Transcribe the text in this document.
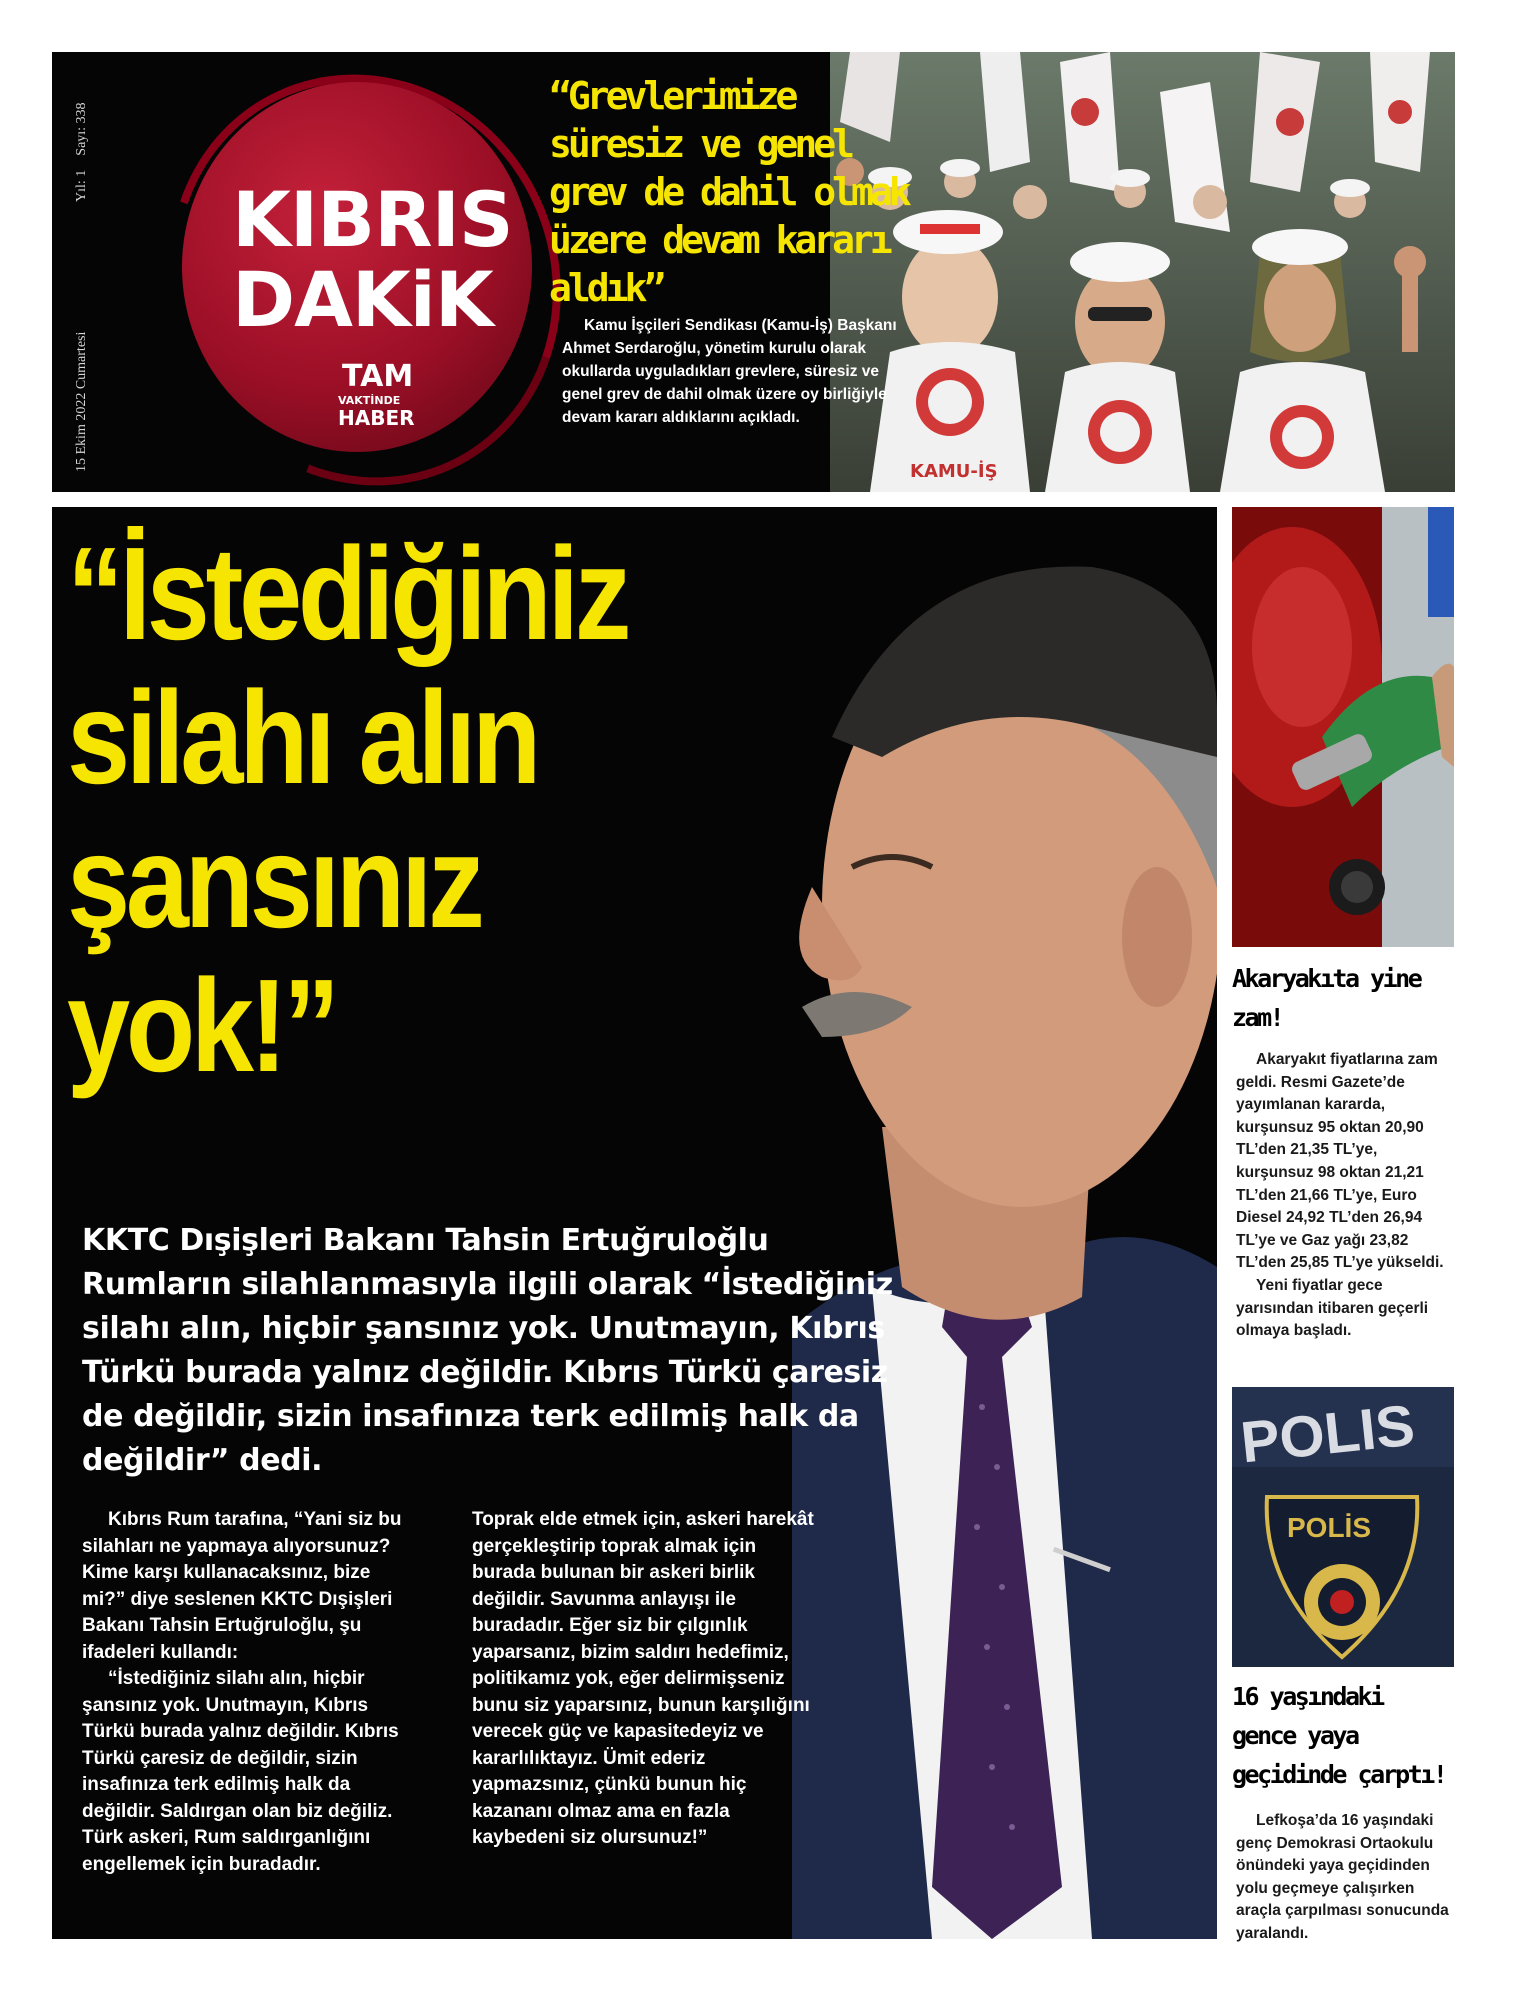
15 Ekim 2022 Cumartesi
Yıl: 1    Sayı: 338
KIBRIS
DAKiK
TAM
VAKTİNDE
HABER
KAMU-İŞ
“Grevlerimize süresiz ve genel grev de dahil olmak üzere devam kararı aldık”
Kamu İşçileri Sendikası (Kamu-İş) Başkanı Ahmet Serdaroğlu, yönetim kurulu olarak okullarda uyguladıkları grevlere, süresiz ve genel grev de dahil olmak üzere oy birliğiyle devam kararı aldıklarını açıkladı.
“İstediğiniz
silahı alın
şansınız
yok!”
KKTC Dışişleri Bakanı Tahsin Ertuğruloğlu Rumların silahlanmasıyla ilgili olarak “İstediğiniz silahı alın, hiçbir şansınız yok. Unutmayın, Kıbrıs Türkü burada yalnız değildir. Kıbrıs Türkü çaresiz de değildir, sizin insafınıza terk edilmiş halk da değildir” dedi.

Kıbrıs Rum tarafına, “Yani siz bu silahları ne yapmaya alıyorsunuz? Kime karşı kullanacaksınız, bize mi?” diye seslenen KKTC Dışişleri Bakanı Tahsin Ertuğruloğlu, şu ifadeleri kullandı:

“İstediğiniz silahı alın, hiçbir şansınız yok. Unutmayın, Kıbrıs Türkü burada yalnız değildir. Kıbrıs Türkü çaresiz de değildir, sizin insafınıza terk edilmiş halk da değildir. Saldırgan olan biz değiliz. Türk askeri, Rum saldırganlığını engellemek için buradadır.

Toprak elde etmek için, askeri harekât gerçekleştirip toprak almak için burada bulunan bir askeri birlik değildir. Savunma anlayışı ile buradadır. Eğer siz bir çılgınlık yaparsanız, bizim saldırı hedefimiz, politikamız yok, eğer delirmişseniz bunu siz yaparsınız, bunun karşılığını verecek güç ve kapasitedeyiz ve kararlılıktayız. Ümit ederiz yapmazsınız, çünkü bunun hiç kazananı olmaz ama en fazla kaybedeni siz olursunuz!”

Akaryakıta yine zam!

Akaryakıt fiyatlarına zam geldi. Resmi Gazete’de yayımlanan kararda, kurşunsuz 95 oktan 20,90 TL’den 21,35 TL’ye, kurşunsuz 98 oktan 21,21 TL’den 21,66 TL’ye, Euro Diesel 24,92 TL’den 26,94 TL’ye ve Gaz yağı 23,82 TL’den 25,85 TL’ye yükseldi.

Yeni fiyatlar gece yarısından itibaren geçerli olmaya başladı.

POLIS
POLİS
16 yaşındaki gence yaya geçidinde çarptı!

Lefkoşa’da 16 yaşındaki genç Demokrasi Ortaokulu önündeki yaya geçidinden yolu geçmeye çalışırken araçla çarpılması sonucunda yaralandı.
